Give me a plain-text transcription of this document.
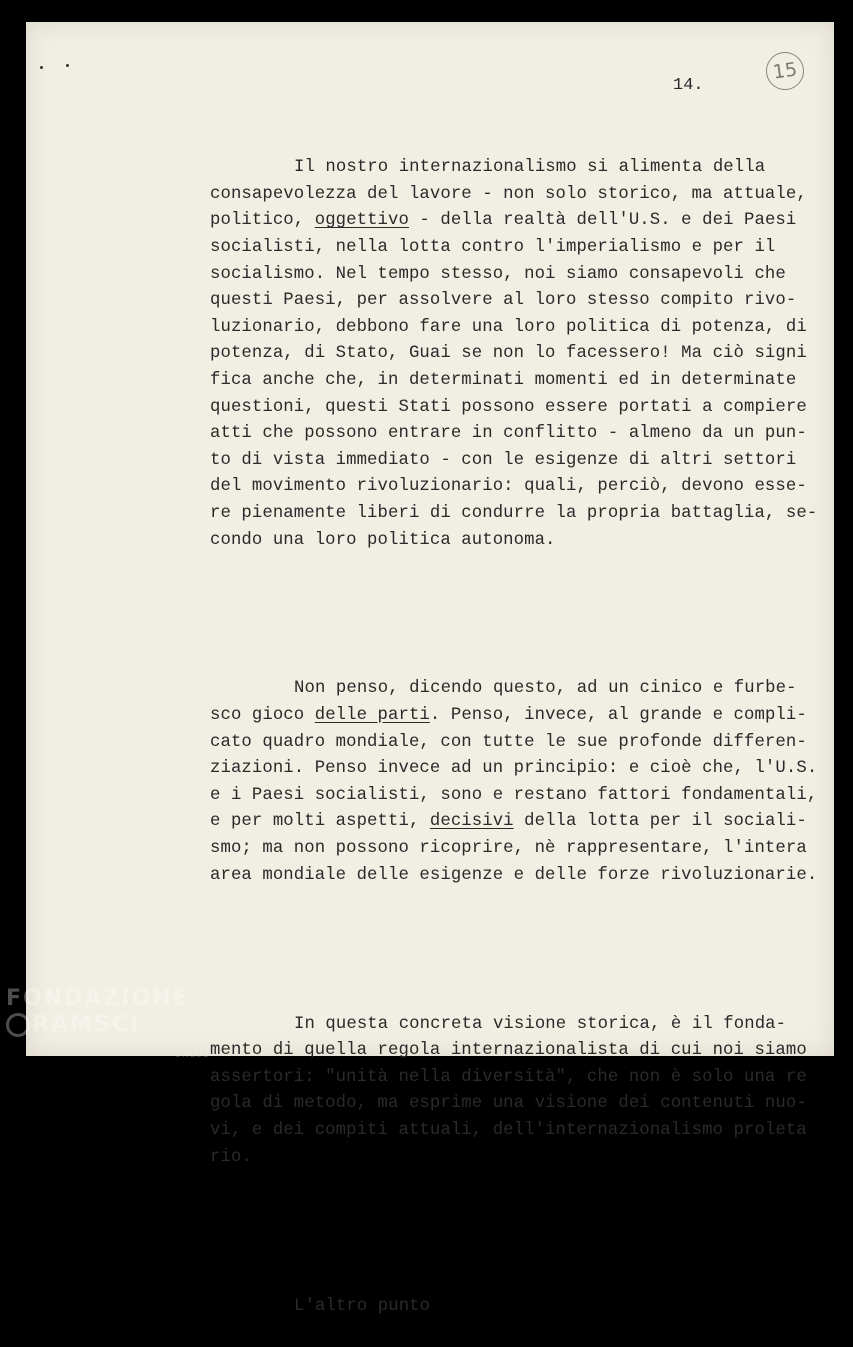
15
14.

Il nostro internazionalismo si alimenta della
consapevolezza del lavore - non solo storico, ma attuale,
politico, oggettivo - della realtà dell'U.S. e dei Paesi
socialisti, nella lotta contro l'imperialismo e per il
socialismo. Nel tempo stesso, noi siamo consapevoli che
questi Paesi, per assolvere al loro stesso compito rivo-
luzionario, debbono fare una loro politica di potenza, di
potenza, di Stato, Guai se non lo facessero! Ma ciò signi
fica anche che, in determinati momenti ed in determinate
questioni, questi Stati possono essere portati a compiere
atti che possono entrare in conflitto - almeno da un pun-
to di vista immediato - con le esigenze di altri settori
del movimento rivoluzionario: quali, perciò, devono esse-
re pienamente liberi di condurre la propria battaglia, se-
condo una loro politica autonoma.

Non penso, dicendo questo, ad un cinico e furbe-
sco gioco delle parti. Penso, invece, al grande e compli-
cato quadro mondiale, con tutte le sue profonde differen-
ziazioni. Penso invece ad un principio: e cioè che, l'U.S.
e i Paesi socialisti, sono e restano fattori fondamentali,
e per molti aspetti, decisivi della lotta per il sociali-
smo; ma non possono ricoprire, nè rappresentare, l'intera
area mondiale delle esigenze e delle forze rivoluzionarie.

In questa concreta visione storica, è il fonda-
mento di quella regola internazionalista di cui noi siamo
assertori: "unità nella diversità", che non è solo una re
gola di metodo, ma esprime una visione dei contenuti nuo-
vi, e dei compiti attuali, dell'internazionalismo proleta
rio.

L'altro punto

FONDAZIONE
RAMSCI
ONLUS
